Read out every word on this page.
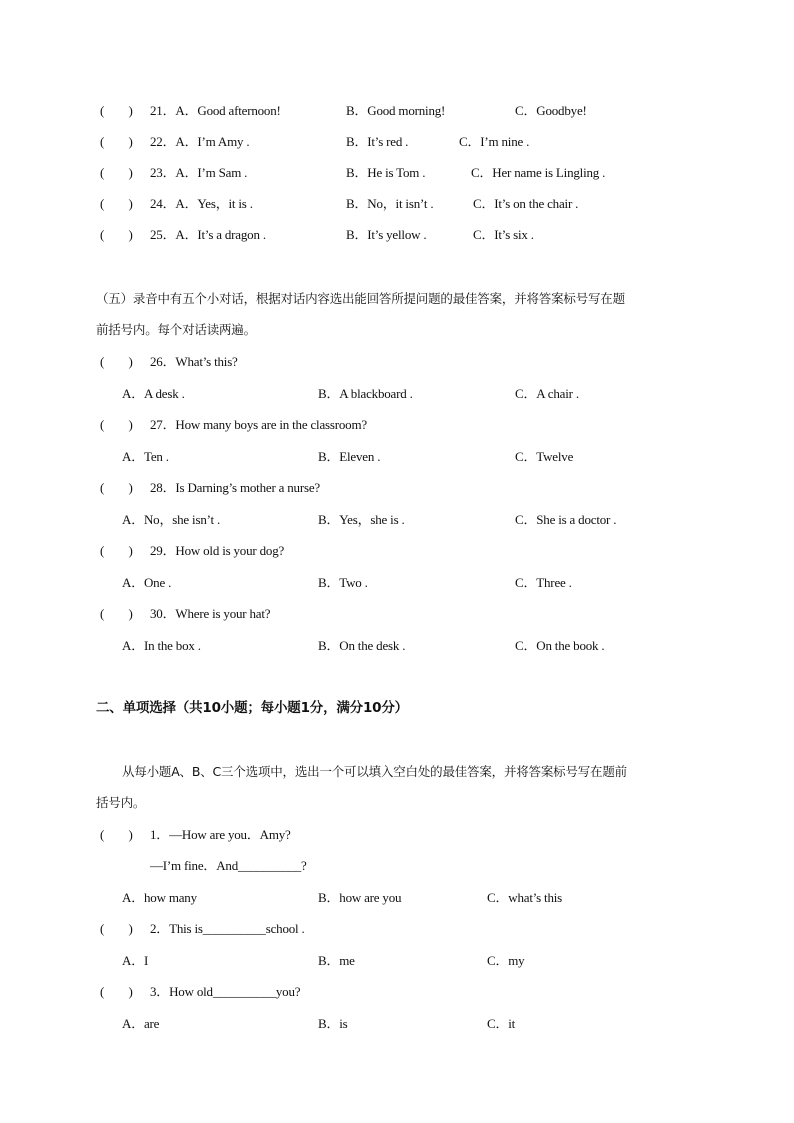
(        ) 21．A．Good afternoon!	B．Good morning!	C．Goodbye!
(        ) 22．A．I’m Amy .	B．It’s red .	C．I’m nine .
(        ) 23．A．I’m Sam .	B．He is Tom .	C．Her name is Lingling .
(        ) 24．A．Yes，it is .	B．No，it isn’t .	C．It’s on the chair .
(        ) 25．A．It’s a dragon .	B．It’s yellow .	C．It’s six .
（五）录音中有五个小对话，根据对话内容选出能回答所提问题的最佳答案，并将答案标号写在题
前括号内。每个对话读两遍。
(        ) 26．What’s this?
A．A desk .	B．A blackboard .	C．A chair .
(        ) 27．How many boys are in the classroom?
A．Ten .	B．Eleven .	C．Twelve
(        ) 28．Is Darning’s mother a nurse?
A．No，she isn’t .	B．Yes，she is .	C．She is a doctor .
(        ) 29．How old is your dog?
A．One .	B．Two .	C．Three .
(        ) 30．Where is your hat?
A．In the box .	B．On the desk .	C．On the book .
二、单项选择（共10小题；每小题1分，满分10分）
从每小题A、B、C三个选项中，选出一个可以填入空白处的最佳答案，并将答案标号写在题前
括号内。
(        ) 1．—How are you．Amy?
—I’m fine．And__________?
A．how many	B．how are you	C．what’s this
(        ) 2．This is__________school .
A．I	B．me	C．my
(        ) 3．How old__________you?
A．are	B．is	C．it
